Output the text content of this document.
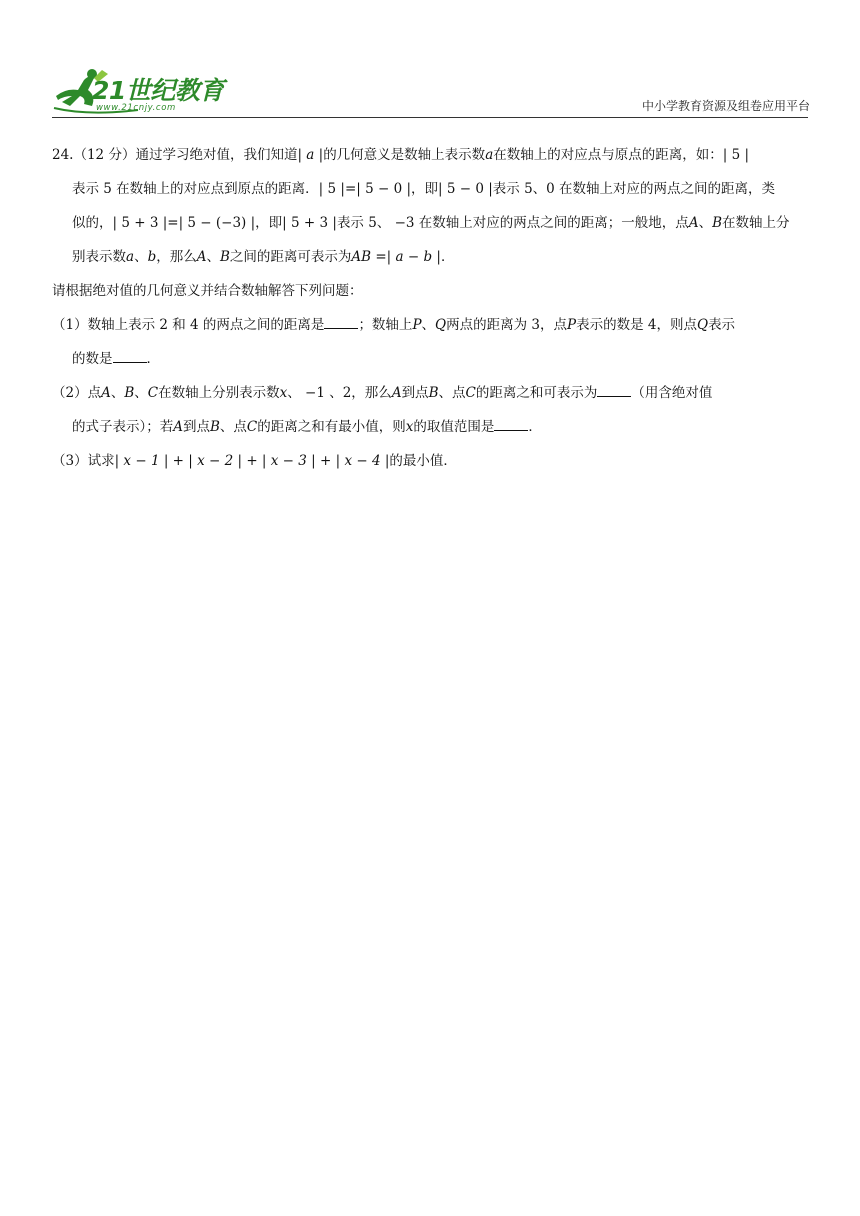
21世纪教育
www.21cnjy.com	中小学教育资源及组卷应用平台

24.（12 分）通过学习绝对值，我们知道| a |的几何意义是数轴上表示数a在数轴上的对应点与原点的距离，如：| 5 |
表示 5 在数轴上的对应点到原点的距离．| 5 |=| 5 − 0 |，即| 5 − 0 |表示 5、0 在数轴上对应的两点之间的距离，类
似的，| 5 + 3 |=| 5 − (−3) |，即| 5 + 3 |表示 5、 −3 在数轴上对应的两点之间的距离；一般地，点A、B在数轴上分
别表示数a、b，那么A、B之间的距离可表示为AB =| a − b |．

请根据绝对值的几何意义并结合数轴解答下列问题：

（1）数轴上表示 2 和 4 的两点之间的距离是	；数轴上P、Q两点的距离为 3，点P表示的数是 4，则点Q表示
的数是	．

（2）点A、B、C在数轴上分别表示数x、 −1 、2，那么A到点B、点C的距离之和可表示为	（用含绝对值
的式子表示）；若A到点B、点C的距离之和有最小值，则x的取值范围是	．

（3）试求| x − 1 | + | x − 2 | + | x − 3 | + | x − 4 |的最小值．
